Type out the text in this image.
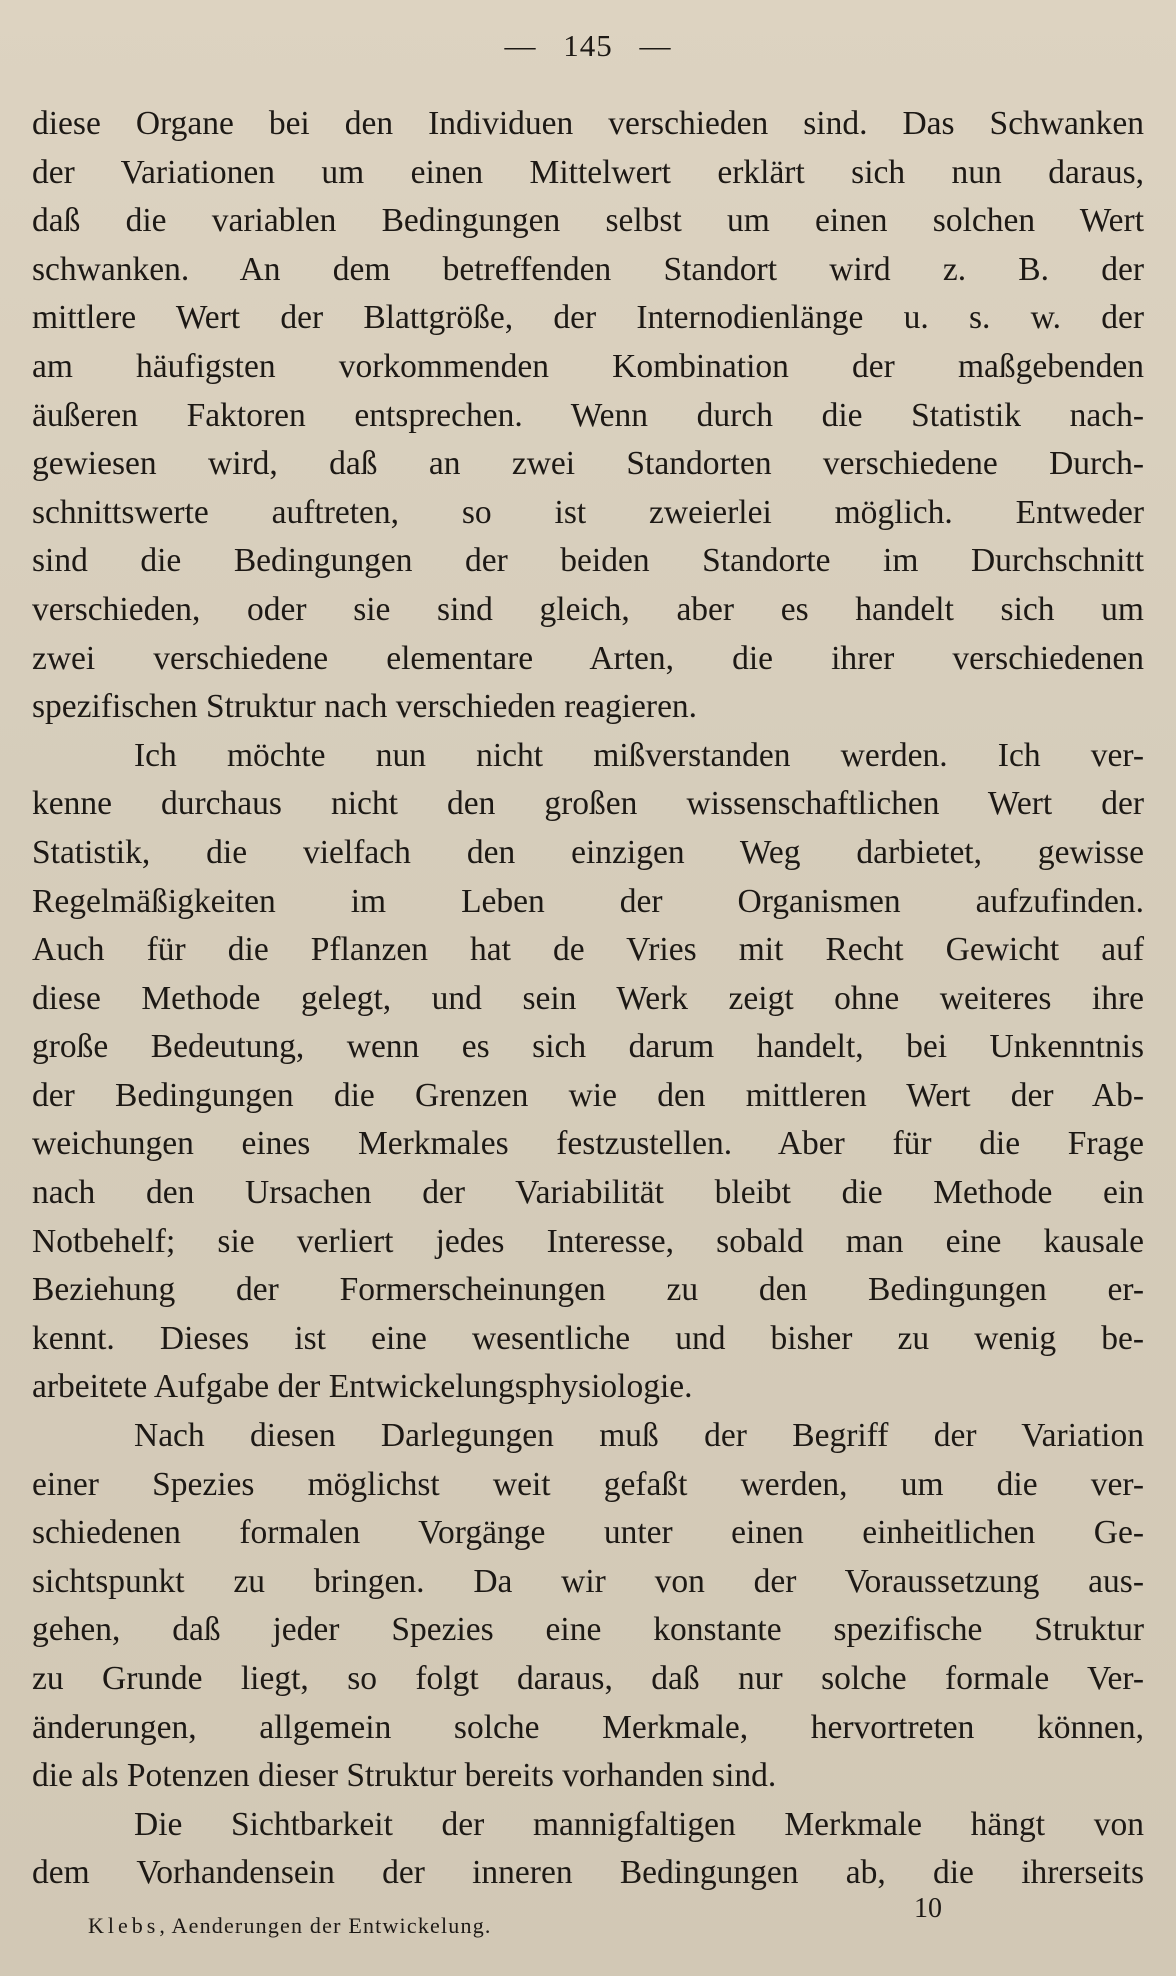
— 145 —
diese Organe bei den Individuen verschieden sind. Das Schwanken
der Variationen um einen Mittelwert erklärt sich nun daraus,
daß die variablen Bedingungen selbst um einen solchen Wert
schwanken. An dem betreffenden Standort wird z. B. der
mittlere Wert der Blattgröße, der Internodienlänge u. s. w. der
am häufigsten vorkommenden Kombination der maßgebenden
äußeren Faktoren entsprechen. Wenn durch die Statistik nach-
gewiesen wird, daß an zwei Standorten verschiedene Durch-
schnittswerte auftreten, so ist zweierlei möglich. Entweder
sind die Bedingungen der beiden Standorte im Durchschnitt
verschieden, oder sie sind gleich, aber es handelt sich um
zwei verschiedene elementare Arten, die ihrer verschiedenen
spezifischen Struktur nach verschieden reagieren.
Ich möchte nun nicht mißverstanden werden. Ich ver-
kenne durchaus nicht den großen wissenschaftlichen Wert der
Statistik, die vielfach den einzigen Weg darbietet, gewisse
Regelmäßigkeiten im Leben der Organismen aufzufinden.
Auch für die Pflanzen hat de Vries mit Recht Gewicht auf
diese Methode gelegt, und sein Werk zeigt ohne weiteres ihre
große Bedeutung, wenn es sich darum handelt, bei Unkenntnis
der Bedingungen die Grenzen wie den mittleren Wert der Ab-
weichungen eines Merkmales festzustellen. Aber für die Frage
nach den Ursachen der Variabilität bleibt die Methode ein
Notbehelf; sie verliert jedes Interesse, sobald man eine kausale
Beziehung der Formerscheinungen zu den Bedingungen er-
kennt. Dieses ist eine wesentliche und bisher zu wenig be-
arbeitete Aufgabe der Entwickelungsphysiologie.
Nach diesen Darlegungen muß der Begriff der Variation
einer Spezies möglichst weit gefaßt werden, um die ver-
schiedenen formalen Vorgänge unter einen einheitlichen Ge-
sichtspunkt zu bringen. Da wir von der Voraussetzung aus-
gehen, daß jeder Spezies eine konstante spezifische Struktur
zu Grunde liegt, so folgt daraus, daß nur solche formale Ver-
änderungen, allgemein solche Merkmale, hervortreten können,
die als Potenzen dieser Struktur bereits vorhanden sind.
Die Sichtbarkeit der mannigfaltigen Merkmale hängt von
dem Vorhandensein der inneren Bedingungen ab, die ihrerseits
Klebs, Aenderungen der Entwickelung.
10
